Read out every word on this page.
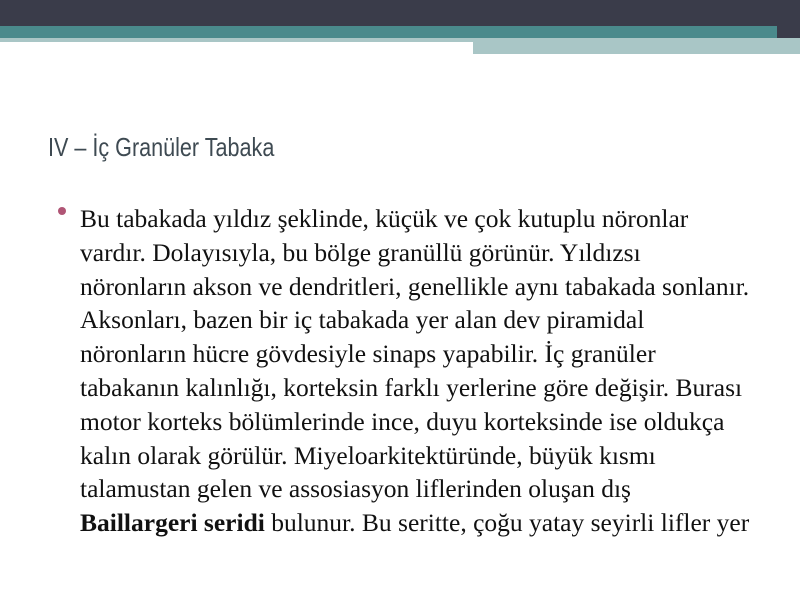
IV – İç Granüler Tabaka

Bu tabakada yıldız şeklinde, küçük ve çok kutuplu nöronlar vardır. Dolayısıyla, bu bölge granüllü görünür. Yıldızsı nöronların akson ve dendritleri, genellikle aynı tabakada sonlanır. Aksonları, bazen bir iç tabakada yer alan dev piramidal nöronların hücre gövdesiyle sinaps yapabilir. İç granüler tabakanın kalınlığı, korteksin farklı yerlerine göre değişir. Burası motor korteks bölümlerinde ince, duyu korteksinde ise oldukça kalın olarak görülür. Miyeloarkitektüründe, büyük kısmı talamustan gelen ve assosiasyon liflerinden oluşan dış Baillargeri seridi bulunur. Bu seritte, çoğu yatay seyirli lifler yer
